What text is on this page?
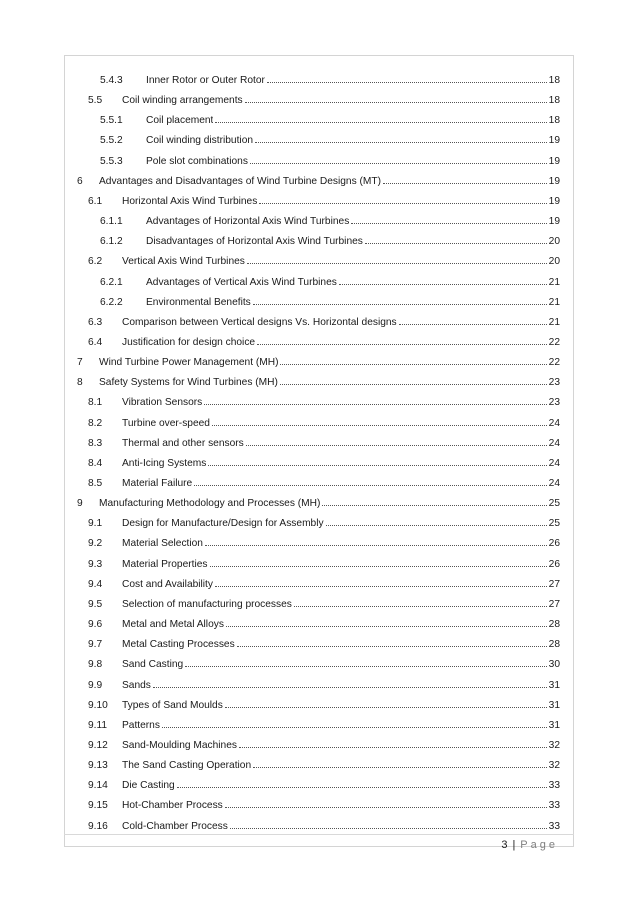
5.4.3	Inner Rotor or Outer Rotor	18
5.5	Coil winding arrangements	18
5.5.1	Coil placement	18
5.5.2	Coil winding distribution	19
5.5.3	Pole slot combinations	19
6	Advantages and Disadvantages of Wind Turbine Designs (MT)	19
6.1	Horizontal Axis Wind Turbines	19
6.1.1	Advantages of Horizontal Axis Wind Turbines	19
6.1.2	Disadvantages of Horizontal Axis Wind Turbines	20
6.2	Vertical Axis Wind Turbines	20
6.2.1	Advantages of Vertical Axis Wind Turbines	21
6.2.2	Environmental Benefits	21
6.3	Comparison between Vertical designs Vs. Horizontal designs	21
6.4	Justification for design choice	22
7	Wind Turbine Power Management (MH)	22
8	Safety Systems for Wind Turbines (MH)	23
8.1	Vibration Sensors	23
8.2	Turbine over-speed	24
8.3	Thermal and other sensors	24
8.4	Anti-Icing Systems	24
8.5	Material Failure	24
9	Manufacturing Methodology and Processes (MH)	25
9.1	Design for Manufacture/Design for Assembly	25
9.2	Material Selection	26
9.3	Material Properties	26
9.4	Cost and Availability	27
9.5	Selection of manufacturing processes	27
9.6	Metal and Metal Alloys	28
9.7	Metal Casting Processes	28
9.8	Sand Casting	30
9.9	Sands	31
9.10	Types of Sand Moulds	31
9.11	Patterns	31
9.12	Sand-Moulding Machines	32
9.13	The Sand Casting Operation	32
9.14	Die Casting	33
9.15	Hot-Chamber Process	33
9.16	Cold-Chamber Process	33
3 | Page
